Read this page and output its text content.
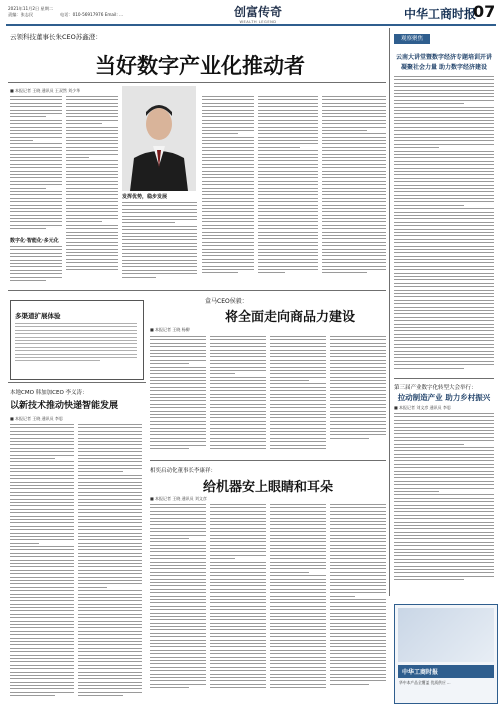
2021年11月2日 星期二
责编：张志民	电话：010-56917976 Email: ...	创富传奇
WEALTH LEGEND
中华工商时报
07
云领科技董事长朱CEO苏鑫澄：
当好数字产业化推动者
■ 本报记者 王晓 通讯员 王双然 刘少华
数字化·智能化·多元化
发挥优势，稳步发展
观察聚焦
云南大讲堂暨数字经济专题培训开讲
凝聚社会力量 助力数字经济建设
第三届产业数字化转型大会举行：
拉动制造产业 助力乡村振兴
■ 本报记者 刘文彦 通讯员 李思
中华工商时报
华中本产品全覆盖 优质供应 ...
盒马CEO侯毅：
将全面走向商品力建设
■ 本报记者 王晓 杨柳
多渠道扩展体验
本地CMO 韩加加CEO 李义涛：
以新技术推动快递智能发展
■ 本报记者 王晓 通讯员 李思
相奕启动化董事长李康祥：
给机器安上眼睛和耳朵
■ 本报记者 王晓 通讯员 刘文彦
